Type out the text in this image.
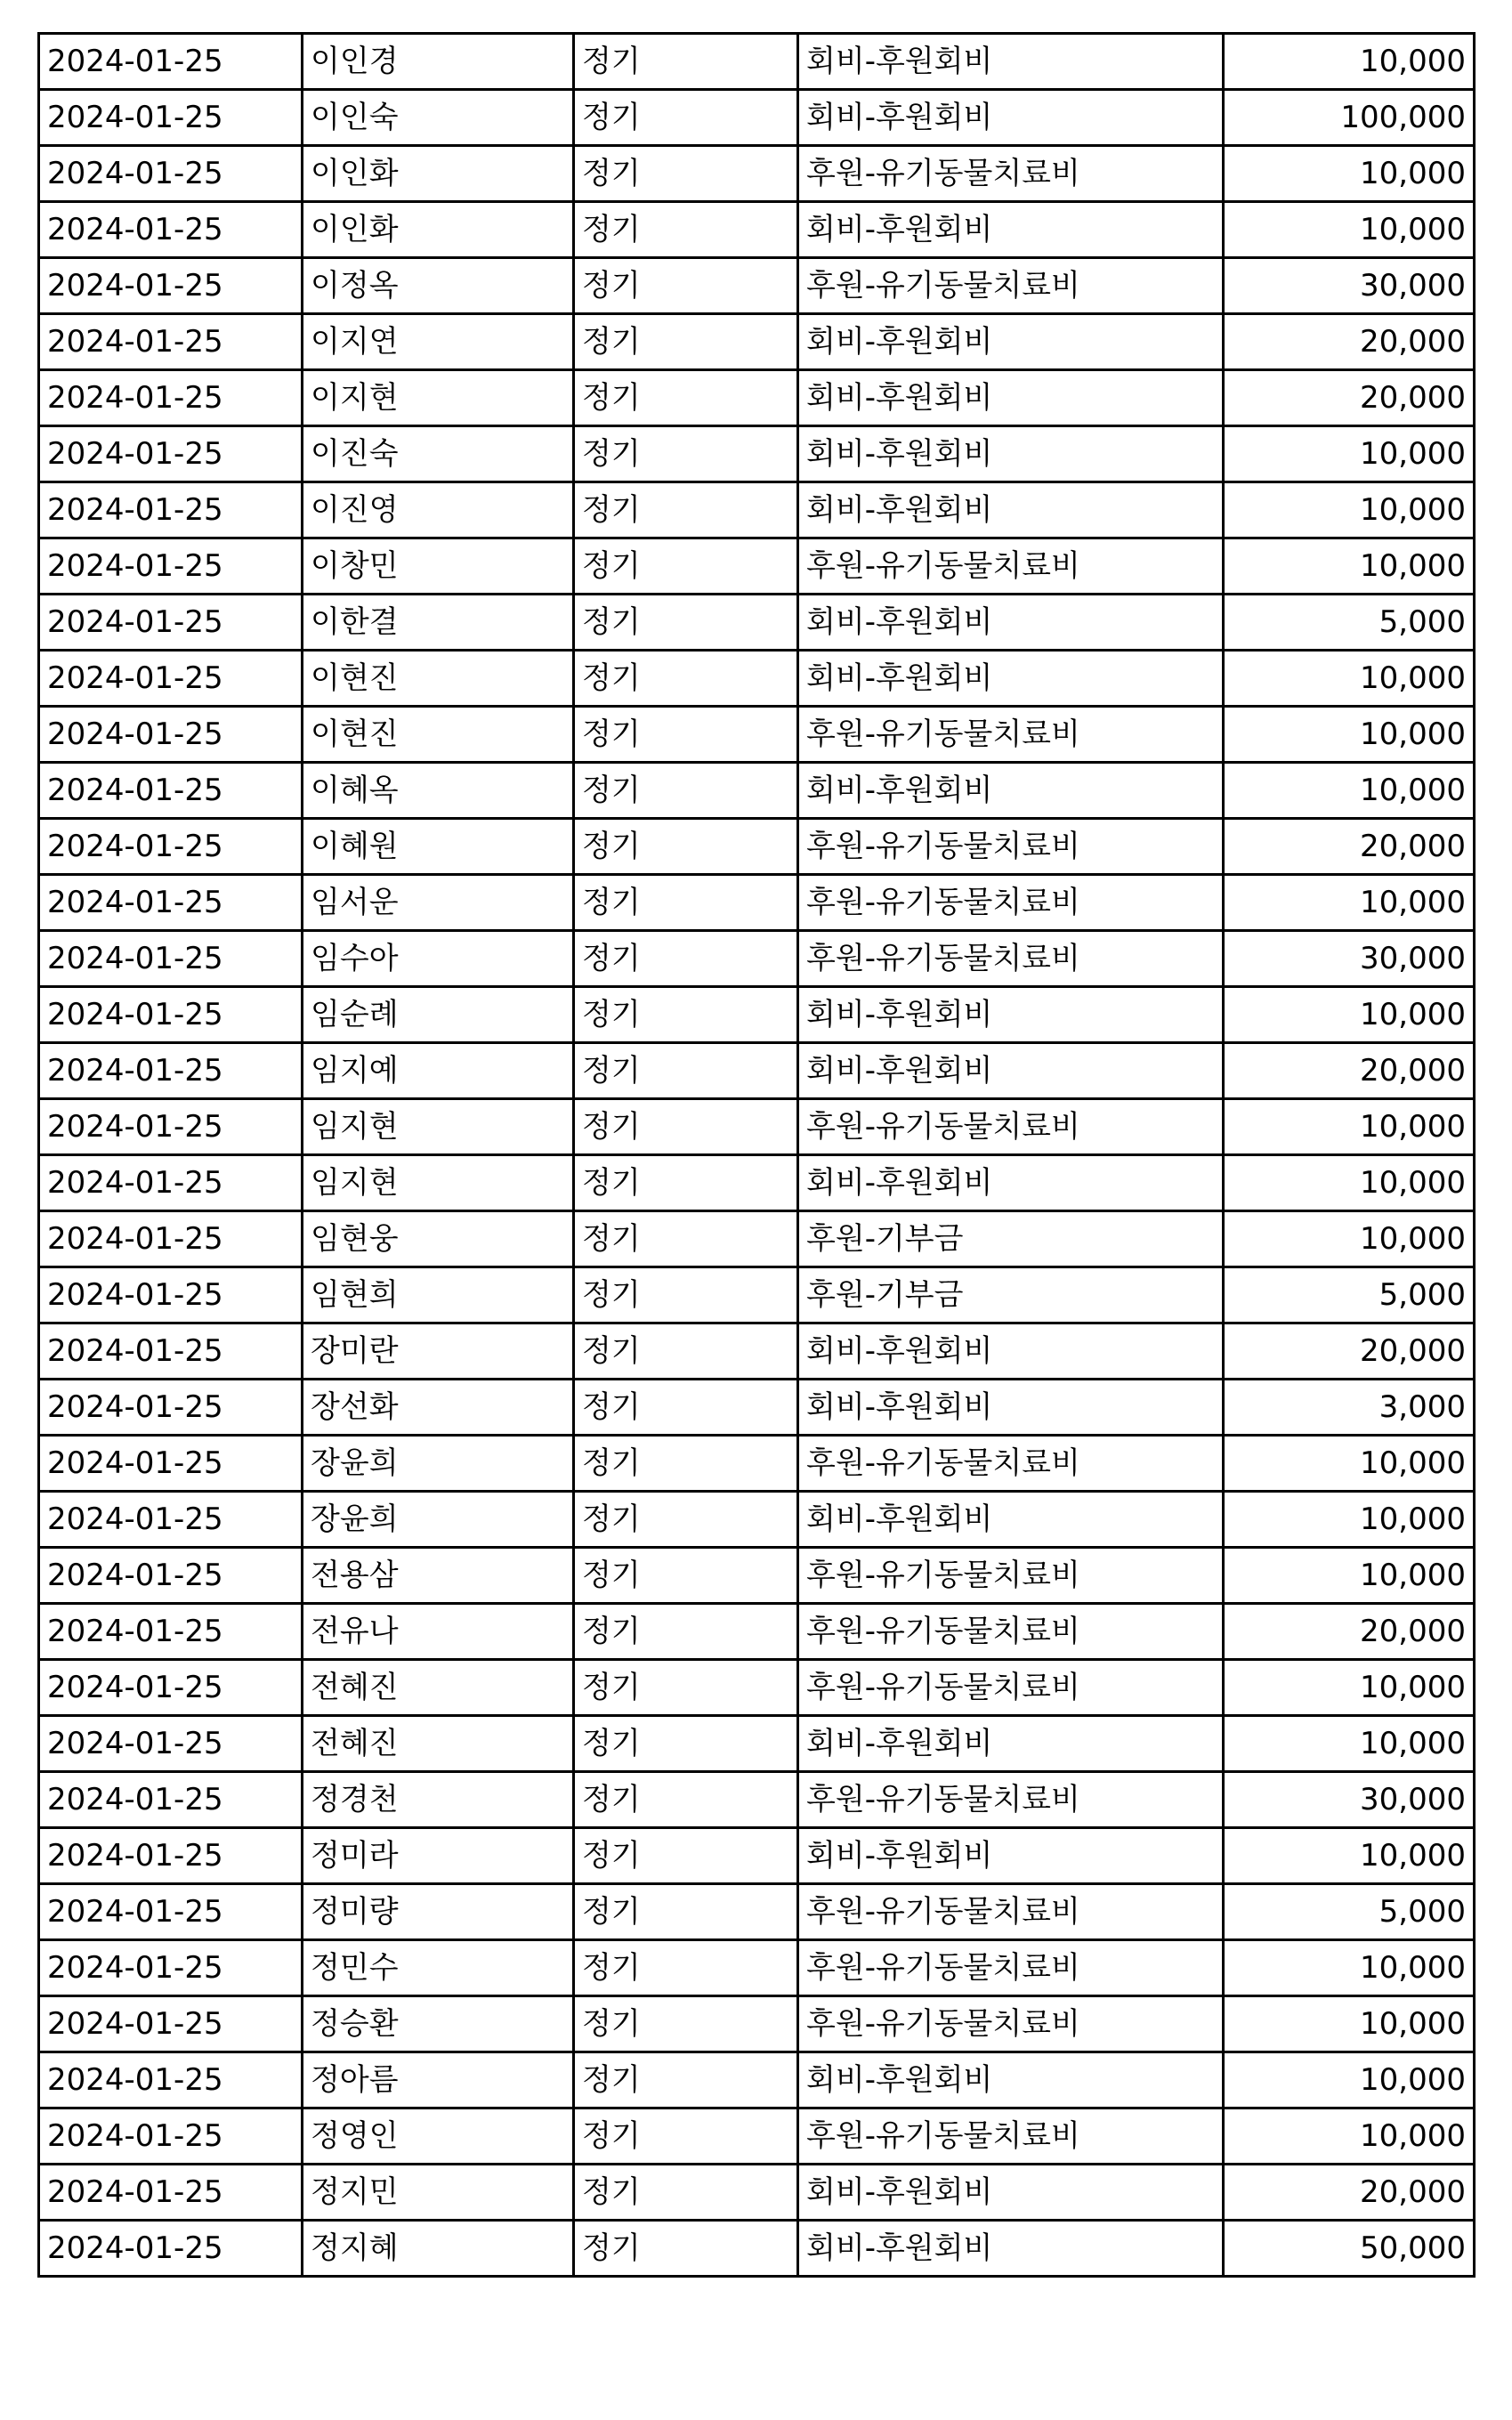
2024-01-25	이인경	정기	회비-후원회비	10,000
2024-01-25	이인숙	정기	회비-후원회비	100,000
2024-01-25	이인화	정기	후원-유기동물치료비	10,000
2024-01-25	이인화	정기	회비-후원회비	10,000
2024-01-25	이정옥	정기	후원-유기동물치료비	30,000
2024-01-25	이지연	정기	회비-후원회비	20,000
2024-01-25	이지현	정기	회비-후원회비	20,000
2024-01-25	이진숙	정기	회비-후원회비	10,000
2024-01-25	이진영	정기	회비-후원회비	10,000
2024-01-25	이창민	정기	후원-유기동물치료비	10,000
2024-01-25	이한결	정기	회비-후원회비	5,000
2024-01-25	이현진	정기	회비-후원회비	10,000
2024-01-25	이현진	정기	후원-유기동물치료비	10,000
2024-01-25	이혜옥	정기	회비-후원회비	10,000
2024-01-25	이혜원	정기	후원-유기동물치료비	20,000
2024-01-25	임서운	정기	후원-유기동물치료비	10,000
2024-01-25	임수아	정기	후원-유기동물치료비	30,000
2024-01-25	임순례	정기	회비-후원회비	10,000
2024-01-25	임지예	정기	회비-후원회비	20,000
2024-01-25	임지현	정기	후원-유기동물치료비	10,000
2024-01-25	임지현	정기	회비-후원회비	10,000
2024-01-25	임현웅	정기	후원-기부금	10,000
2024-01-25	임현희	정기	후원-기부금	5,000
2024-01-25	장미란	정기	회비-후원회비	20,000
2024-01-25	장선화	정기	회비-후원회비	3,000
2024-01-25	장윤희	정기	후원-유기동물치료비	10,000
2024-01-25	장윤희	정기	회비-후원회비	10,000
2024-01-25	전용삼	정기	후원-유기동물치료비	10,000
2024-01-25	전유나	정기	후원-유기동물치료비	20,000
2024-01-25	전혜진	정기	후원-유기동물치료비	10,000
2024-01-25	전혜진	정기	회비-후원회비	10,000
2024-01-25	정경천	정기	후원-유기동물치료비	30,000
2024-01-25	정미라	정기	회비-후원회비	10,000
2024-01-25	정미량	정기	후원-유기동물치료비	5,000
2024-01-25	정민수	정기	후원-유기동물치료비	10,000
2024-01-25	정승환	정기	후원-유기동물치료비	10,000
2024-01-25	정아름	정기	회비-후원회비	10,000
2024-01-25	정영인	정기	후원-유기동물치료비	10,000
2024-01-25	정지민	정기	회비-후원회비	20,000
2024-01-25	정지혜	정기	회비-후원회비	50,000
